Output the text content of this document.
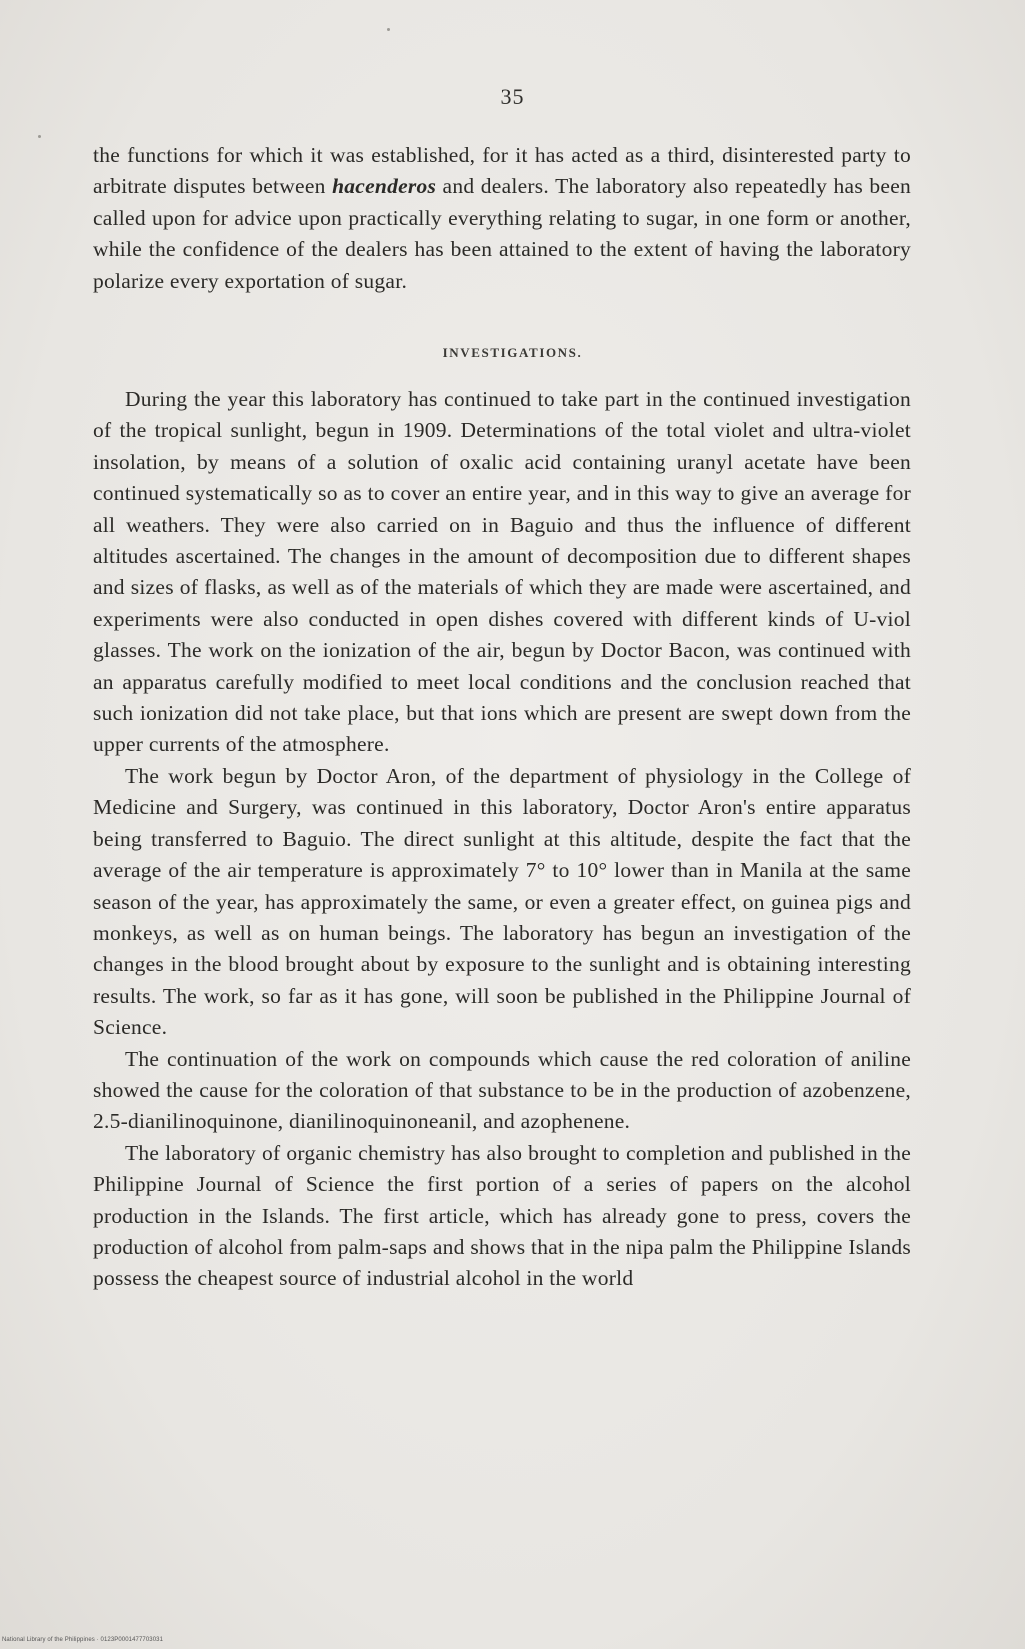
35

the functions for which it was established, for it has acted as a third, disinterested party to arbitrate disputes between hacenderos and dealers. The laboratory also repeatedly has been called upon for advice upon practically everything relating to sugar, in one form or another, while the confidence of the dealers has been attained to the extent of having the laboratory polarize every exportation of sugar.

INVESTIGATIONS.

During the year this laboratory has continued to take part in the continued investigation of the tropical sunlight, begun in 1909. Determinations of the total violet and ultra-violet insolation, by means of a solution of oxalic acid containing uranyl acetate have been continued systematically so as to cover an entire year, and in this way to give an average for all weathers. They were also carried on in Baguio and thus the influence of different altitudes ascertained. The changes in the amount of decomposition due to different shapes and sizes of flasks, as well as of the materials of which they are made were ascertained, and experiments were also conducted in open dishes covered with different kinds of U-viol glasses. The work on the ionization of the air, begun by Doctor Bacon, was continued with an apparatus carefully modified to meet local conditions and the conclusion reached that such ionization did not take place, but that ions which are present are swept down from the upper currents of the atmosphere.

The work begun by Doctor Aron, of the department of physiology in the College of Medicine and Surgery, was continued in this laboratory, Doctor Aron's entire apparatus being transferred to Baguio. The direct sunlight at this altitude, despite the fact that the average of the air temperature is approximately 7° to 10° lower than in Manila at the same season of the year, has approximately the same, or even a greater effect, on guinea pigs and monkeys, as well as on human beings. The laboratory has begun an investigation of the changes in the blood brought about by exposure to the sunlight and is obtaining interesting results. The work, so far as it has gone, will soon be published in the Philippine Journal of Science.

The continuation of the work on compounds which cause the red coloration of aniline showed the cause for the coloration of that substance to be in the production of azobenzene, 2.5-dianilinoquinone, dianilinoquinoneanil, and azophenene.

The laboratory of organic chemistry has also brought to completion and published in the Philippine Journal of Science the first portion of a series of papers on the alcohol production in the Islands. The first article, which has already gone to press, covers the production of alcohol from palm-saps and shows that in the nipa palm the Philippine Islands possess the cheapest source of industrial alcohol in the world

National Library of the Philippines · 0123P0001477703031
